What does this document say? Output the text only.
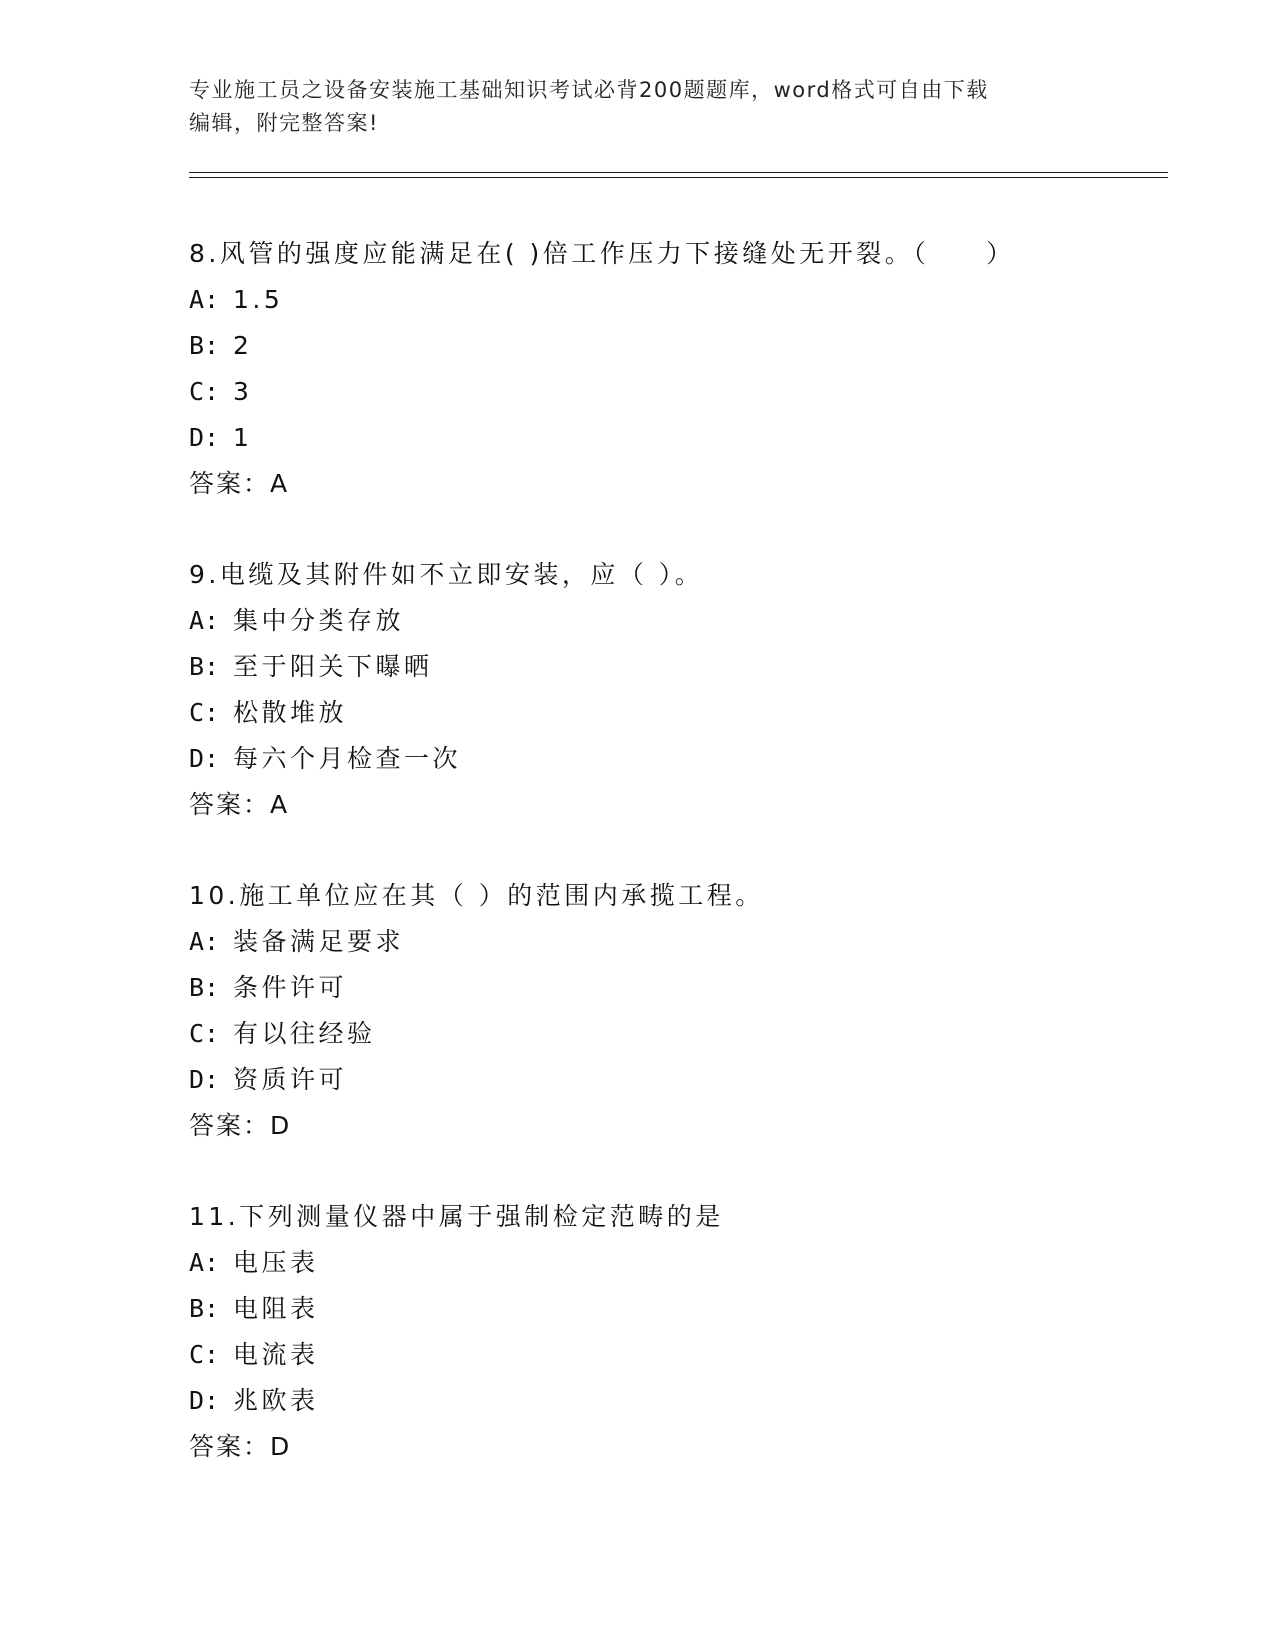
专业施工员之设备安装施工基础知识考试必背200题题库，word格式可自由下载
编辑，附完整答案!
8.风管的强度应能满足在( )倍工作压力下接缝处无开裂。（　　）
A: 1.5
B: 2
C: 3
D: 1
答案：A
9.电缆及其附件如不立即安装，应（ ）。
A: 集中分类存放
B: 至于阳关下曝晒
C: 松散堆放
D: 每六个月检查一次
答案：A
10.施工单位应在其（ ）的范围内承揽工程。
A: 装备满足要求
B: 条件许可
C: 有以往经验
D: 资质许可
答案：D
11.下列测量仪器中属于强制检定范畴的是
A: 电压表
B: 电阻表
C: 电流表
D: 兆欧表
答案：D
